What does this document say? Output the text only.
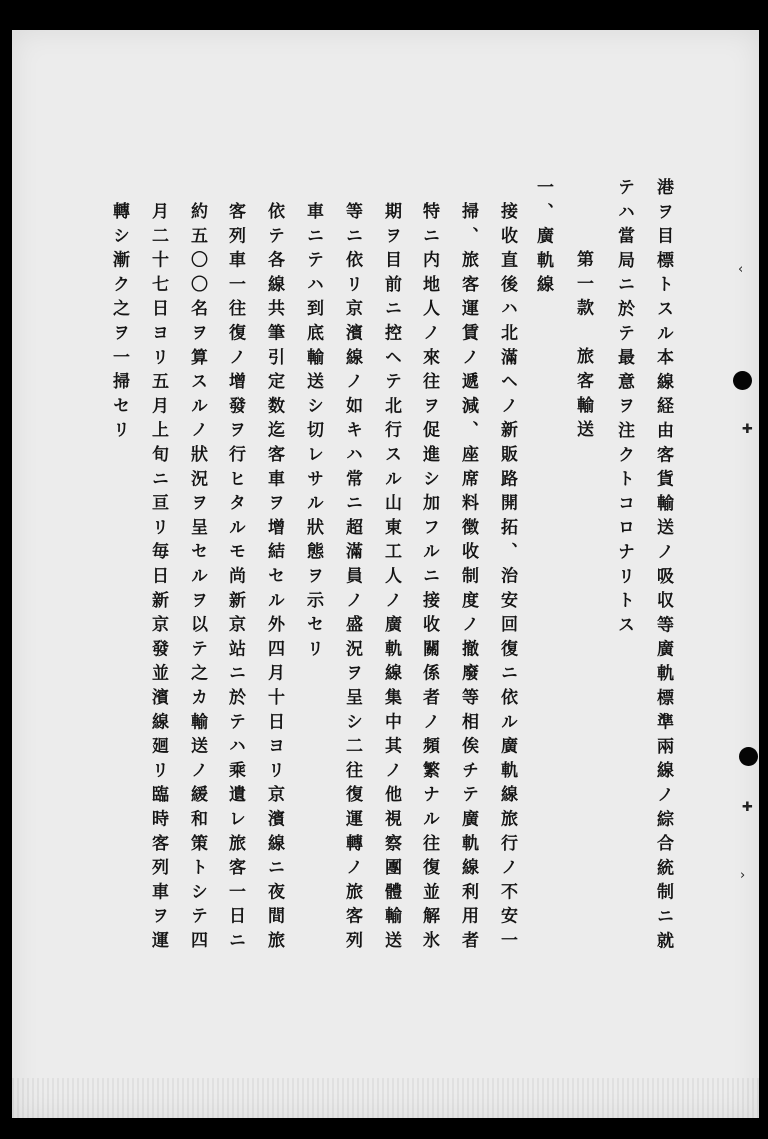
港ヲ目標トスル本線経由客貨輸送ノ吸収等廣軌標準兩線ノ綜合統制ニ就
テハ當局ニ於テ最意ヲ注クトコロナリトス
第一款　旅客輸送
一、廣軌線
接收直後ハ北滿ヘノ新販路開拓、治安回復ニ依ル廣軌線旅行ノ不安一
掃、旅客運賃ノ遞減、座席料徴收制度ノ撤廢等相俟チテ廣軌線利用者
特ニ内地人ノ來往ヲ促進シ加フルニ接收關係者ノ頻繁ナル往復並解氷
期ヲ目前ニ控ヘテ北行スル山東工人ノ廣軌線集中其ノ他視察團體輸送
等ニ依リ京濱線ノ如キハ常ニ超滿員ノ盛況ヲ呈シ二往復運轉ノ旅客列
車ニテハ到底輸送シ切レサル狀態ヲ示セリ
依テ各線共筆引定数迄客車ヲ增結セル外四月十日ヨリ京濱線ニ夜間旅
客列車一往復ノ增發ヲ行ヒタルモ尚新京站ニ於テハ乘遺レ旅客一日ニ
約五〇〇名ヲ算スルノ狀況ヲ呈セルヲ以テ之カ輸送ノ緩和策トシテ四
月二十七日ヨリ五月上旬ニ亘リ毎日新京發並濱線廻リ臨時客列車ヲ運
轉シ漸ク之ヲ一掃セリ	‹
✚
✚
›
